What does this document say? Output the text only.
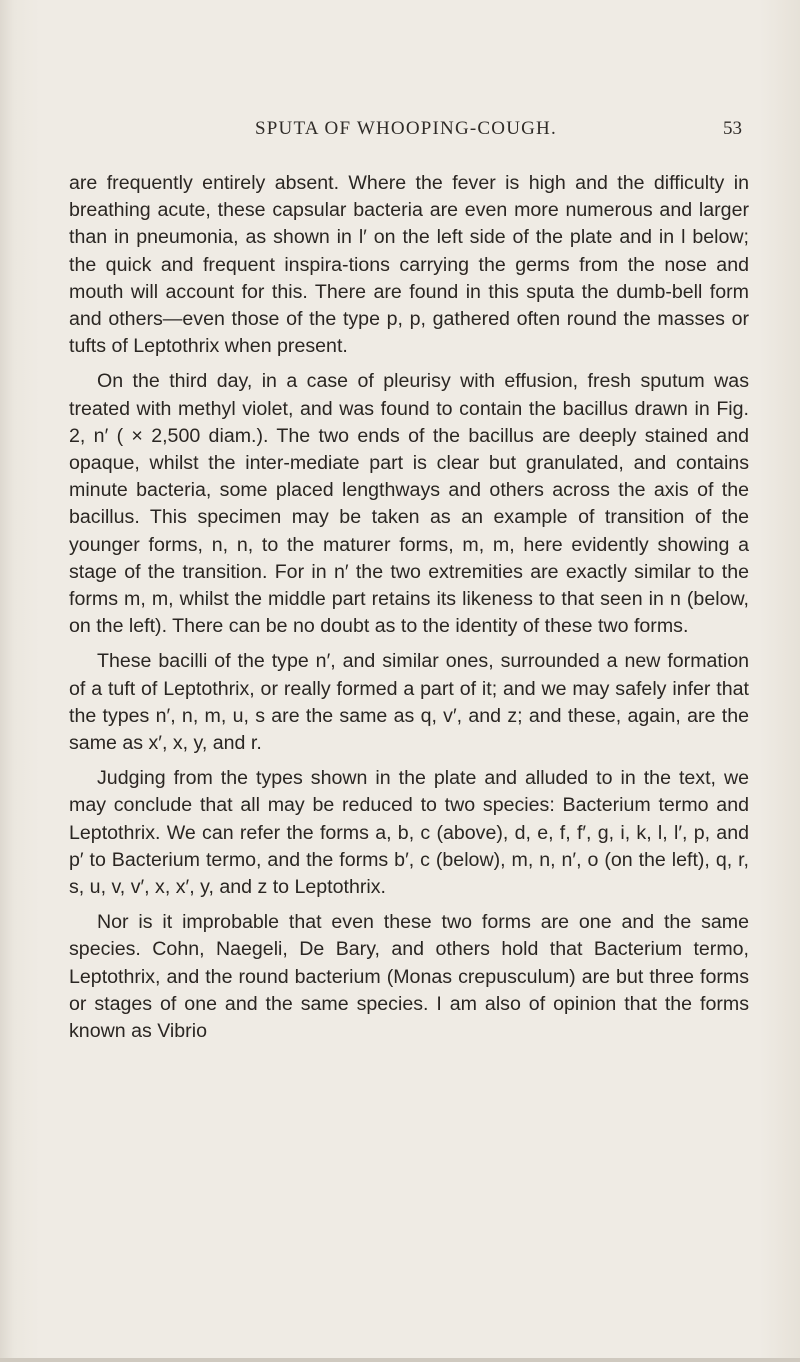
SPUTA OF WHOOPING-COUGH.	53

are frequently entirely absent. Where the fever is high and the difficulty in breathing acute, these capsular bacteria are even more numerous and larger than in pneumonia, as shown in l′ on the left side of the plate and in l below; the quick and frequent inspira-tions carrying the germs from the nose and mouth will account for this. There are found in this sputa the dumb-bell form and others—even those of the type p, p, gathered often round the masses or tufts of Leptothrix when present.

On the third day, in a case of pleurisy with effusion, fresh sputum was treated with methyl violet, and was found to contain the bacillus drawn in Fig. 2, n′ ( × 2,500 diam.). The two ends of the bacillus are deeply stained and opaque, whilst the inter-mediate part is clear but granulated, and contains minute bacteria, some placed lengthways and others across the axis of the bacillus. This specimen may be taken as an example of transition of the younger forms, n, n, to the maturer forms, m, m, here evidently showing a stage of the transition. For in n′ the two extremities are exactly similar to the forms m, m, whilst the middle part retains its likeness to that seen in n (below, on the left). There can be no doubt as to the identity of these two forms.

These bacilli of the type n′, and similar ones, surrounded a new formation of a tuft of Leptothrix, or really formed a part of it; and we may safely infer that the types n′, n, m, u, s are the same as q, v′, and z; and these, again, are the same as x′, x, y, and r.

Judging from the types shown in the plate and alluded to in the text, we may conclude that all may be reduced to two species: Bacterium termo and Leptothrix. We can refer the forms a, b, c (above), d, e, f, f′, g, i, k, l, l′, p, and p′ to Bacterium termo, and the forms b′, c (below), m, n, n′, o (on the left), q, r, s, u, v, v′, x, x′, y, and z to Leptothrix.

Nor is it improbable that even these two forms are one and the same species. Cohn, Naegeli, De Bary, and others hold that Bacterium termo, Leptothrix, and the round bacterium (Monas crepusculum) are but three forms or stages of one and the same species. I am also of opinion that the forms known as Vibrio
